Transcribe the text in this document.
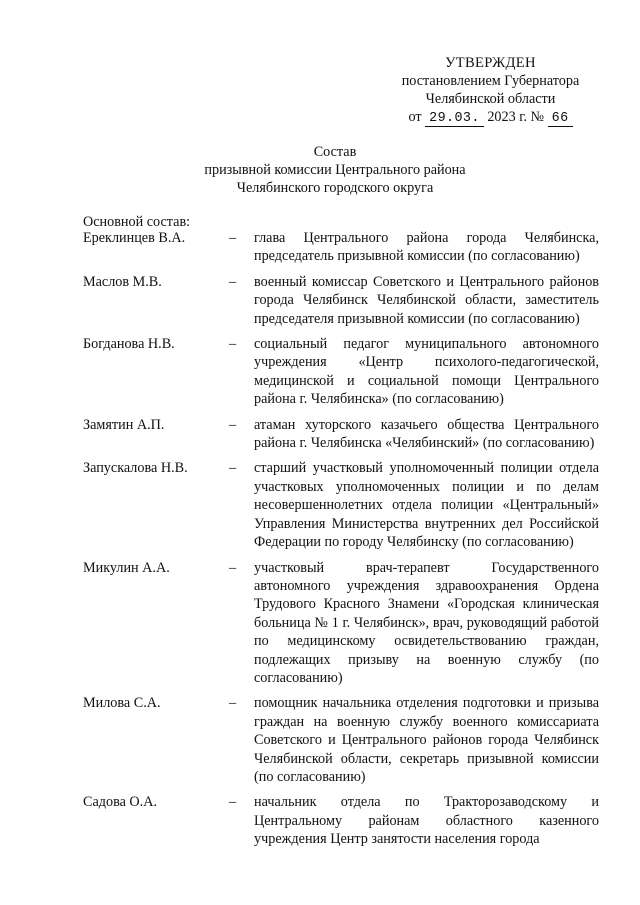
УТВЕРЖДЕН
постановлением Губернатора
Челябинской области
от 29.03. 2023 г. № 66
Состав
призывной комиссии Центрального района
Челябинского городского округа
Основной состав:
Ереклинцев В.А.	–	глава Центрального района города Челябинска, председатель призывной комиссии (по согласованию)
Маслов М.В.	–	военный комиссар Советского и Центрального районов города Челябинск Челябинской области, заместитель председателя призывной комиссии (по согласованию)
Богданова Н.В.	–	социальный педагог муниципального автономного учреждения «Центр психолого-педагогической, медицинской и социальной помощи Центрального района г. Челябинска» (по согласованию)
Замятин А.П.	–	атаман хуторского казачьего общества Центрального района г. Челябинска «Челябинский» (по согласованию)
Запускалова Н.В.	–	старший участковый уполномоченный полиции отдела участковых уполномоченных полиции и по делам несовершеннолетних отдела полиции «Центральный» Управления Министерства внутренних дел Российской Федерации по городу Челябинску (по согласованию)
Микулин А.А.	–	участковый врач-терапевт Государственного автономного учреждения здравоохранения Ордена Трудового Красного Знамени «Городская клиническая больница № 1 г. Челябинск», врач, руководящий работой по медицинскому освидетельствованию граждан, подлежащих призыву на военную службу (по согласованию)
Милова С.А.	–	помощник начальника отделения подготовки и призыва граждан на военную службу военного комиссариата Советского и Центрального районов города Челябинск Челябинской области, секретарь призывной комиссии (по согласованию)
Садова О.А.	–	начальник отдела по Тракторозаводскому и Центральному районам областного казенного учреждения Центр занятости населения города
